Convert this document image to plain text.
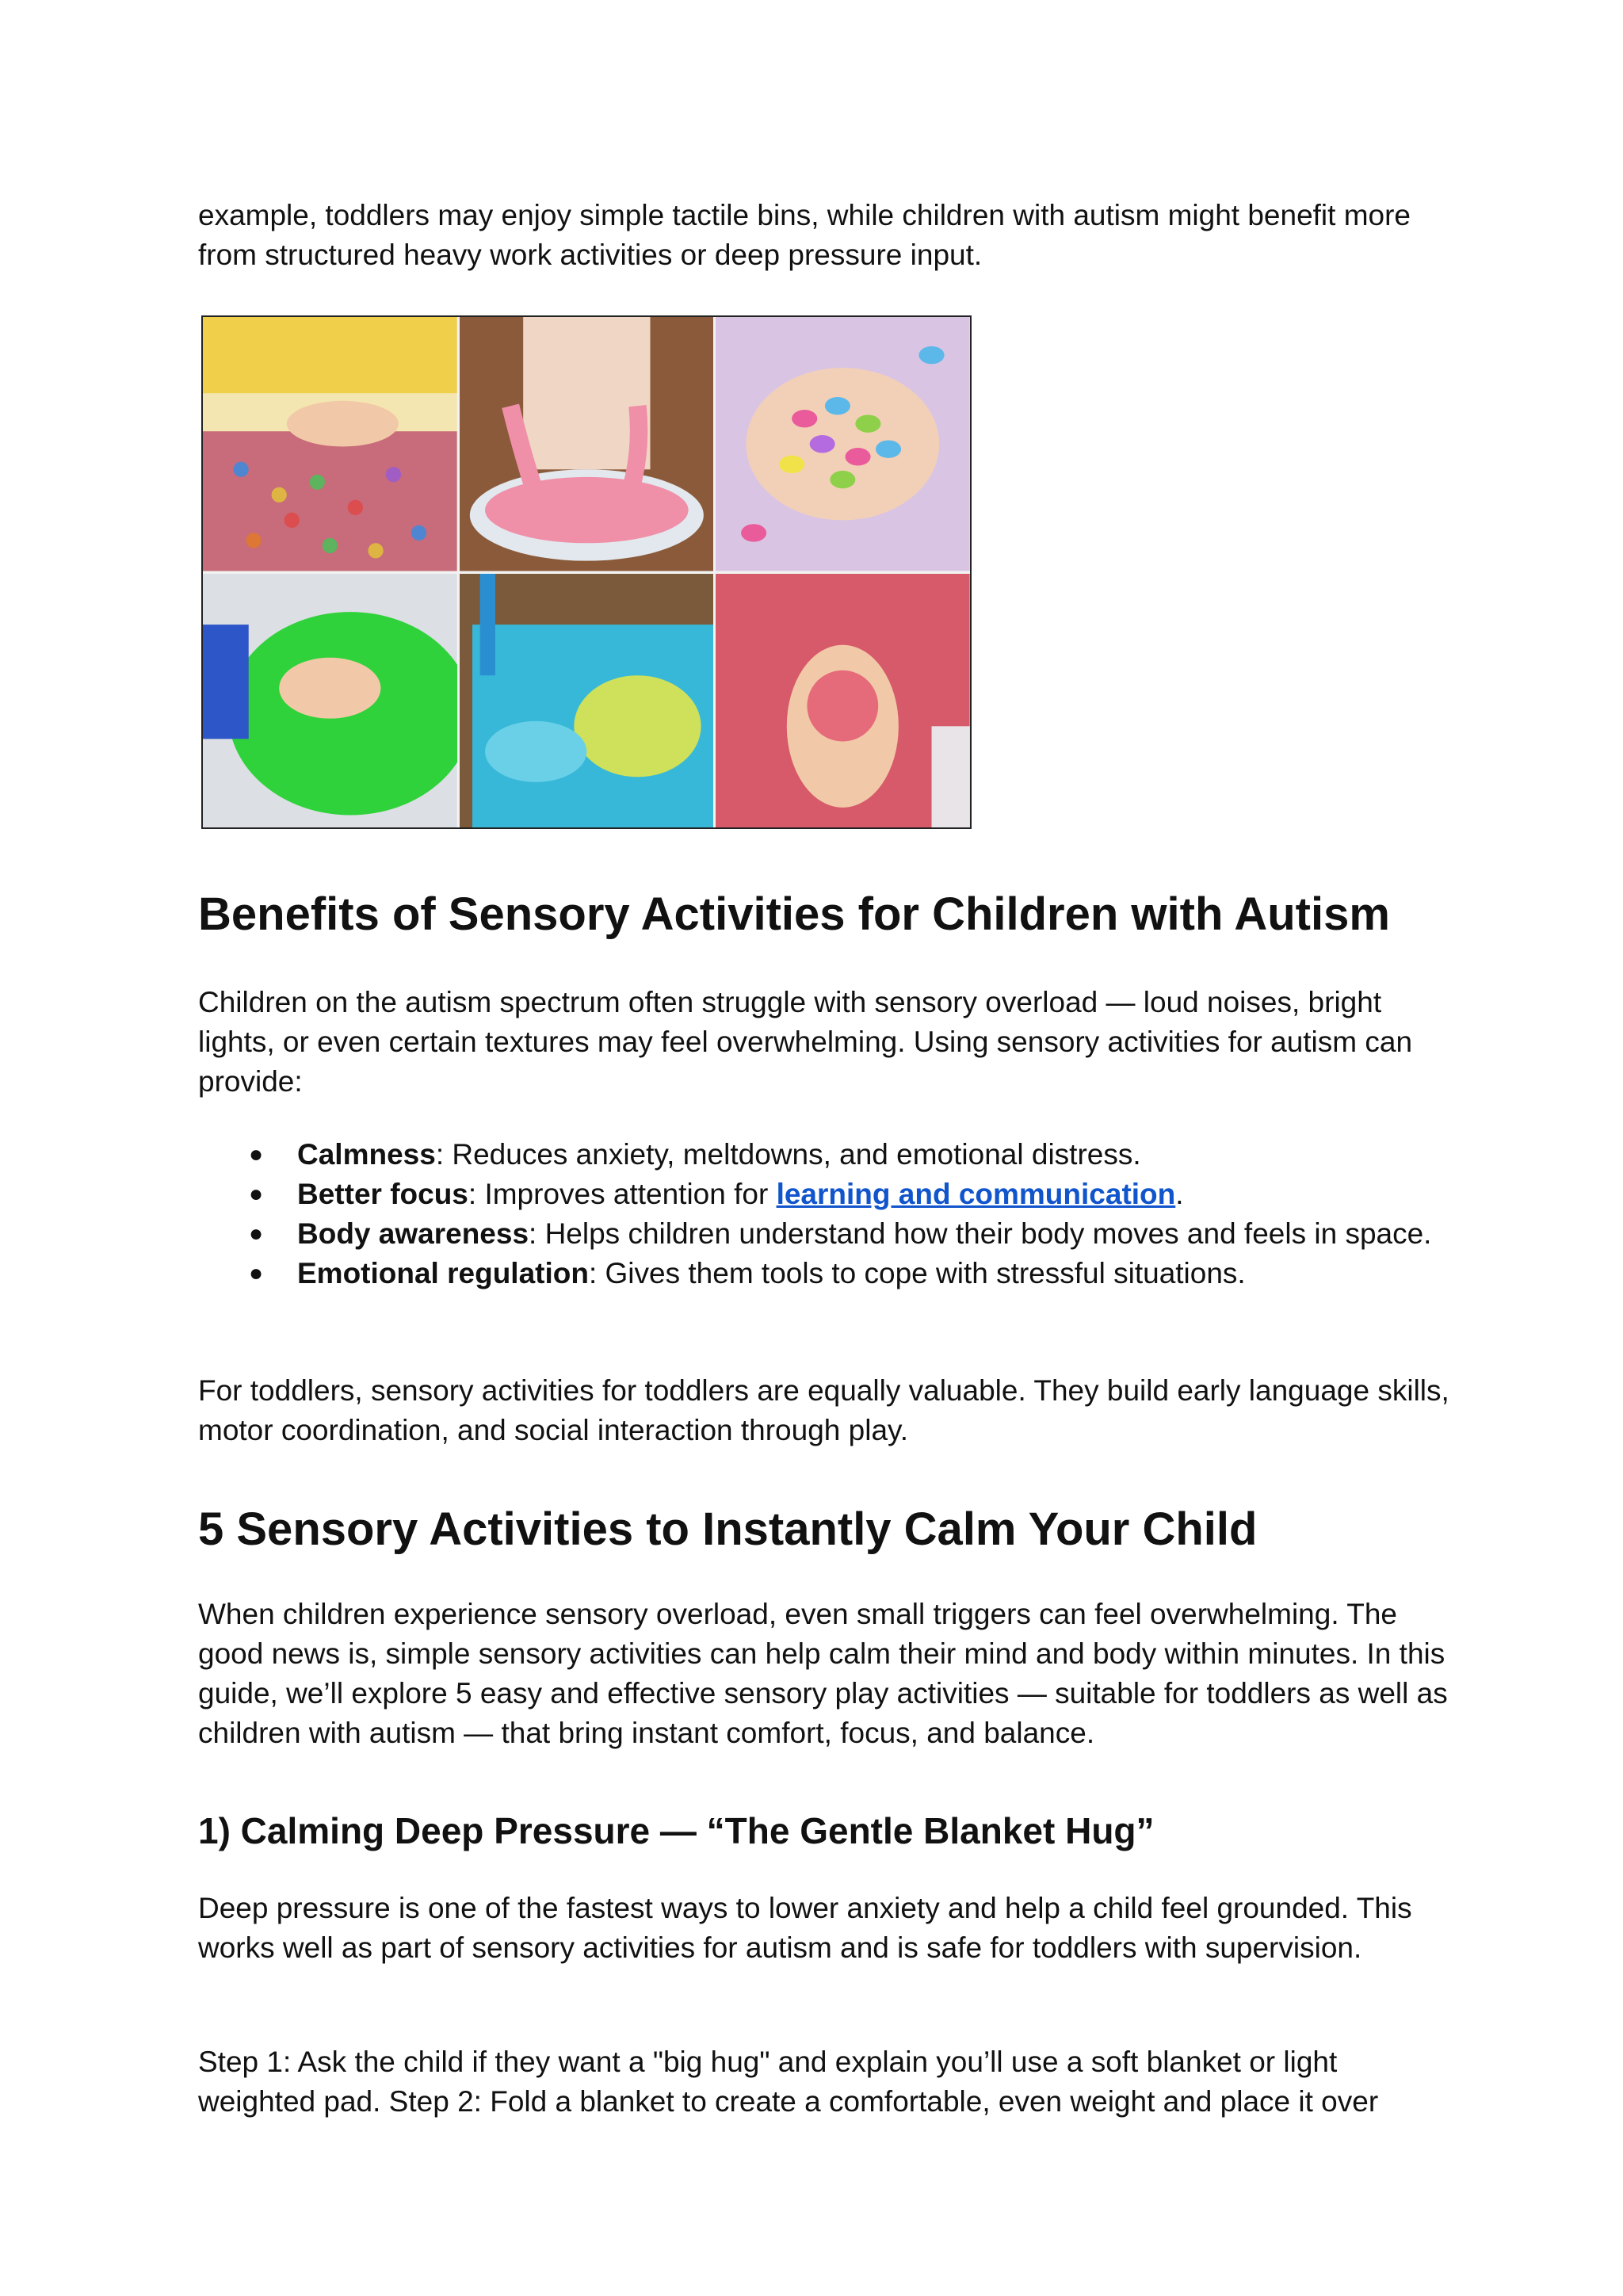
example, toddlers may enjoy simple tactile bins, while children with autism might benefit more from structured heavy work activities or deep pressure input.

Benefits of Sensory Activities for Children with Autism

Children on the autism spectrum often struggle with sensory overload — loud noises, bright lights, or even certain textures may feel overwhelming. Using sensory activities for autism can provide:

● Calmness: Reduces anxiety, meltdowns, and emotional distress.
● Better focus: Improves attention for learning and communication.
● Body awareness: Helps children understand how their body moves and feels in space.
● Emotional regulation: Gives them tools to cope with stressful situations.

For toddlers, sensory activities for toddlers are equally valuable. They build early language skills, motor coordination, and social interaction through play.

5 Sensory Activities to Instantly Calm Your Child

When children experience sensory overload, even small triggers can feel overwhelming. The good news is, simple sensory activities can help calm their mind and body within minutes. In this guide, we’ll explore 5 easy and effective sensory play activities — suitable for toddlers as well as children with autism — that bring instant comfort, focus, and balance.

1) Calming Deep Pressure — “The Gentle Blanket Hug”

Deep pressure is one of the fastest ways to lower anxiety and help a child feel grounded. This works well as part of sensory activities for autism and is safe for toddlers with supervision.

Step 1: Ask the child if they want a "big hug" and explain you’ll use a soft blanket or light weighted pad. Step 2: Fold a blanket to create a comfortable, even weight and place it over
